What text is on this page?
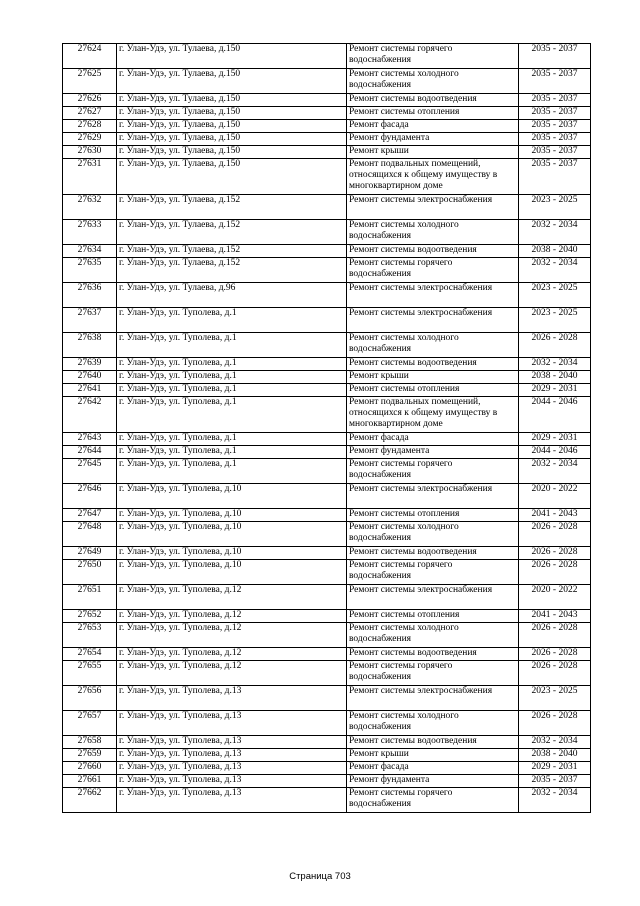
27624	г. Улан-Удэ, ул. Тулаева, д.150	Ремонт системы горячего водоснабжения	2035 - 2037
27625	г. Улан-Удэ, ул. Тулаева, д.150	Ремонт системы холодного водоснабжения	2035 - 2037
27626	г. Улан-Удэ, ул. Тулаева, д.150	Ремонт системы водоотведения	2035 - 2037
27627	г. Улан-Удэ, ул. Тулаева, д.150	Ремонт системы отопления	2035 - 2037
27628	г. Улан-Удэ, ул. Тулаева, д.150	Ремонт фасада	2035 - 2037
27629	г. Улан-Удэ, ул. Тулаева, д.150	Ремонт фундамента	2035 - 2037
27630	г. Улан-Удэ, ул. Тулаева, д.150	Ремонт крыши	2035 - 2037
27631	г. Улан-Удэ, ул. Тулаева, д.150	Ремонт подвальных помещений, относящихся к общему имуществу в многоквартирном доме	2035 - 2037
27632	г. Улан-Удэ, ул. Тулаева, д.152	Ремонт системы электроснабжения	2023 - 2025
27633	г. Улан-Удэ, ул. Тулаева, д.152	Ремонт системы холодного водоснабжения	2032 - 2034
27634	г. Улан-Удэ, ул. Тулаева, д.152	Ремонт системы водоотведения	2038 - 2040
27635	г. Улан-Удэ, ул. Тулаева, д.152	Ремонт системы горячего водоснабжения	2032 - 2034
27636	г. Улан-Удэ, ул. Тулаева, д.96	Ремонт системы электроснабжения	2023 - 2025
27637	г. Улан-Удэ, ул. Туполева, д.1	Ремонт системы электроснабжения	2023 - 2025
27638	г. Улан-Удэ, ул. Туполева, д.1	Ремонт системы холодного водоснабжения	2026 - 2028
27639	г. Улан-Удэ, ул. Туполева, д.1	Ремонт системы водоотведения	2032 - 2034
27640	г. Улан-Удэ, ул. Туполева, д.1	Ремонт крыши	2038 - 2040
27641	г. Улан-Удэ, ул. Туполева, д.1	Ремонт системы отопления	2029 - 2031
27642	г. Улан-Удэ, ул. Туполева, д.1	Ремонт подвальных помещений, относящихся к общему имуществу в многоквартирном доме	2044 - 2046
27643	г. Улан-Удэ, ул. Туполева, д.1	Ремонт фасада	2029 - 2031
27644	г. Улан-Удэ, ул. Туполева, д.1	Ремонт фундамента	2044 - 2046
27645	г. Улан-Удэ, ул. Туполева, д.1	Ремонт системы горячего водоснабжения	2032 - 2034
27646	г. Улан-Удэ, ул. Туполева, д.10	Ремонт системы электроснабжения	2020 - 2022
27647	г. Улан-Удэ, ул. Туполева, д.10	Ремонт системы отопления	2041 - 2043
27648	г. Улан-Удэ, ул. Туполева, д.10	Ремонт системы холодного водоснабжения	2026 - 2028
27649	г. Улан-Удэ, ул. Туполева, д.10	Ремонт системы водоотведения	2026 - 2028
27650	г. Улан-Удэ, ул. Туполева, д.10	Ремонт системы горячего водоснабжения	2026 - 2028
27651	г. Улан-Удэ, ул. Туполева, д.12	Ремонт системы электроснабжения	2020 - 2022
27652	г. Улан-Удэ, ул. Туполева, д.12	Ремонт системы отопления	2041 - 2043
27653	г. Улан-Удэ, ул. Туполева, д.12	Ремонт системы холодного водоснабжения	2026 - 2028
27654	г. Улан-Удэ, ул. Туполева, д.12	Ремонт системы водоотведения	2026 - 2028
27655	г. Улан-Удэ, ул. Туполева, д.12	Ремонт системы горячего водоснабжения	2026 - 2028
27656	г. Улан-Удэ, ул. Туполева, д.13	Ремонт системы электроснабжения	2023 - 2025
27657	г. Улан-Удэ, ул. Туполева, д.13	Ремонт системы холодного водоснабжения	2026 - 2028
27658	г. Улан-Удэ, ул. Туполева, д.13	Ремонт системы водоотведения	2032 - 2034
27659	г. Улан-Удэ, ул. Туполева, д.13	Ремонт крыши	2038 - 2040
27660	г. Улан-Удэ, ул. Туполева, д.13	Ремонт фасада	2029 - 2031
27661	г. Улан-Удэ, ул. Туполева, д.13	Ремонт фундамента	2035 - 2037
27662	г. Улан-Удэ, ул. Туполева, д.13	Ремонт системы горячего водоснабжения	2032 - 2034
Страница 703
